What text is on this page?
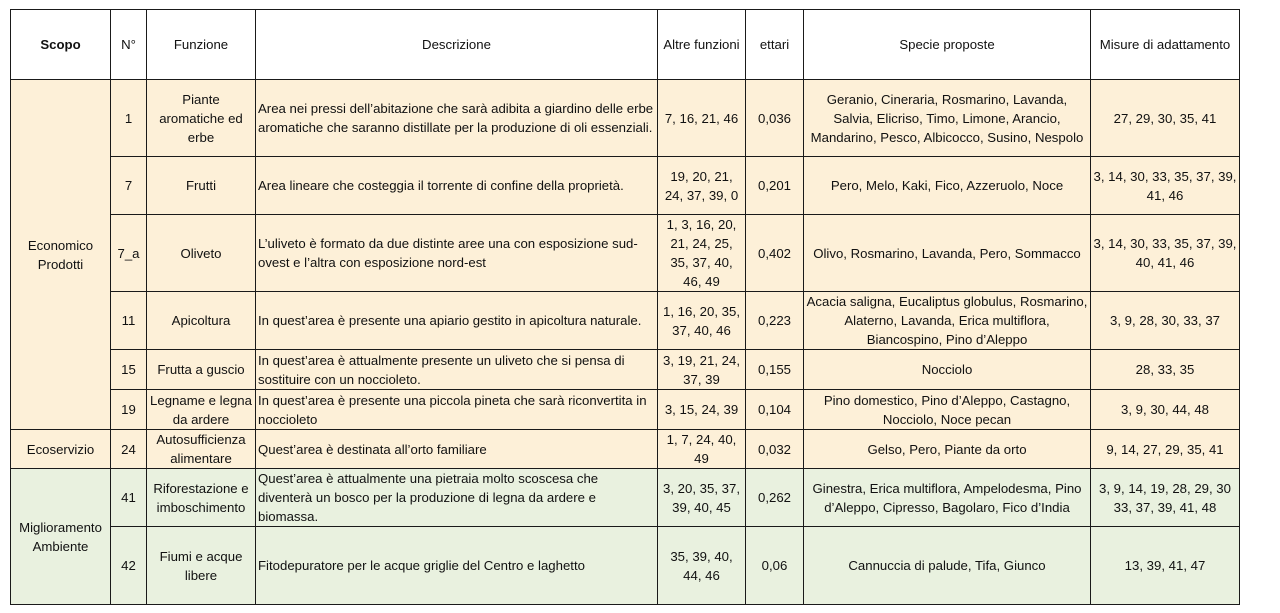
Scopo	N°	Funzione	Descrizione	Altre funzioni	ettari	Specie proposte	Misure di adattamento
Economico Prodotti	1	Piante aromatiche ed erbe	Area nei pressi dell’abitazione che sarà adibita a giardino delle erbe aromatiche che saranno distillate per la produzione di oli essenziali.	7, 16, 21, 46	0,036	Geranio, Cineraria, Rosmarino, Lavanda, Salvia, Elicriso, Timo, Limone, Arancio, Mandarino, Pesco, Albicocco, Susino, Nespolo	27, 29, 30, 35, 41
	7	Frutti	Area lineare che costeggia il torrente di confine della proprietà.	19, 20, 21, 24, 37, 39, 0	0,201	Pero, Melo, Kaki, Fico, Azzeruolo, Noce	3, 14, 30, 33, 35, 37, 39, 41, 46
	7_a	Oliveto	L’uliveto è formato da due distinte aree una con esposizione sud-ovest e l’altra con esposizione nord-est	1, 3, 16, 20, 21, 24, 25, 35, 37, 40, 46, 49	0,402	Olivo, Rosmarino, Lavanda, Pero, Sommacco	3, 14, 30, 33, 35, 37, 39, 40, 41, 46
	11	Apicoltura	In quest’area è presente una apiario gestito in apicoltura naturale.	1, 16, 20, 35, 37, 40, 46	0,223	Acacia saligna, Eucaliptus globulus, Rosmarino, Alaterno, Lavanda, Erica multiflora, Biancospino, Pino d’Aleppo	3, 9, 28, 30, 33, 37
	15	Frutta a guscio	In quest’area è attualmente presente un uliveto che si pensa di sostituire con un noccioleto.	3, 19, 21, 24, 37, 39	0,155	Nocciolo	28, 33, 35
	19	Legname e legna da ardere	In quest’area è presente una piccola pineta che sarà riconvertita in noccioleto	3, 15, 24, 39	0,104	Pino domestico, Pino d’Aleppo, Castagno, Nocciolo, Noce pecan	3, 9, 30, 44, 48
Ecoservizio	24	Autosufficienza alimentare	Quest’area è destinata all’orto familiare	1, 7, 24, 40, 49	0,032	Gelso, Pero, Piante da orto	9, 14, 27, 29, 35, 41
Miglioramento Ambiente	41	Riforestazione e imboschimento	Quest’area è attualmente una pietraia molto scoscesa che diventerà un bosco per la produzione di legna da ardere e biomassa.	3, 20, 35, 37, 39, 40, 45	0,262	Ginestra, Erica multiflora, Ampelodesma, Pino d’Aleppo, Cipresso, Bagolaro, Fico d’India	3, 9, 14, 19, 28, 29, 30 33, 37, 39, 41, 48
	42	Fiumi e acque libere	Fitodepuratore per le acque griglie del Centro e laghetto	35, 39, 40, 44, 46	0,06	Cannuccia di palude, Tifa, Giunco	13, 39, 41, 47
